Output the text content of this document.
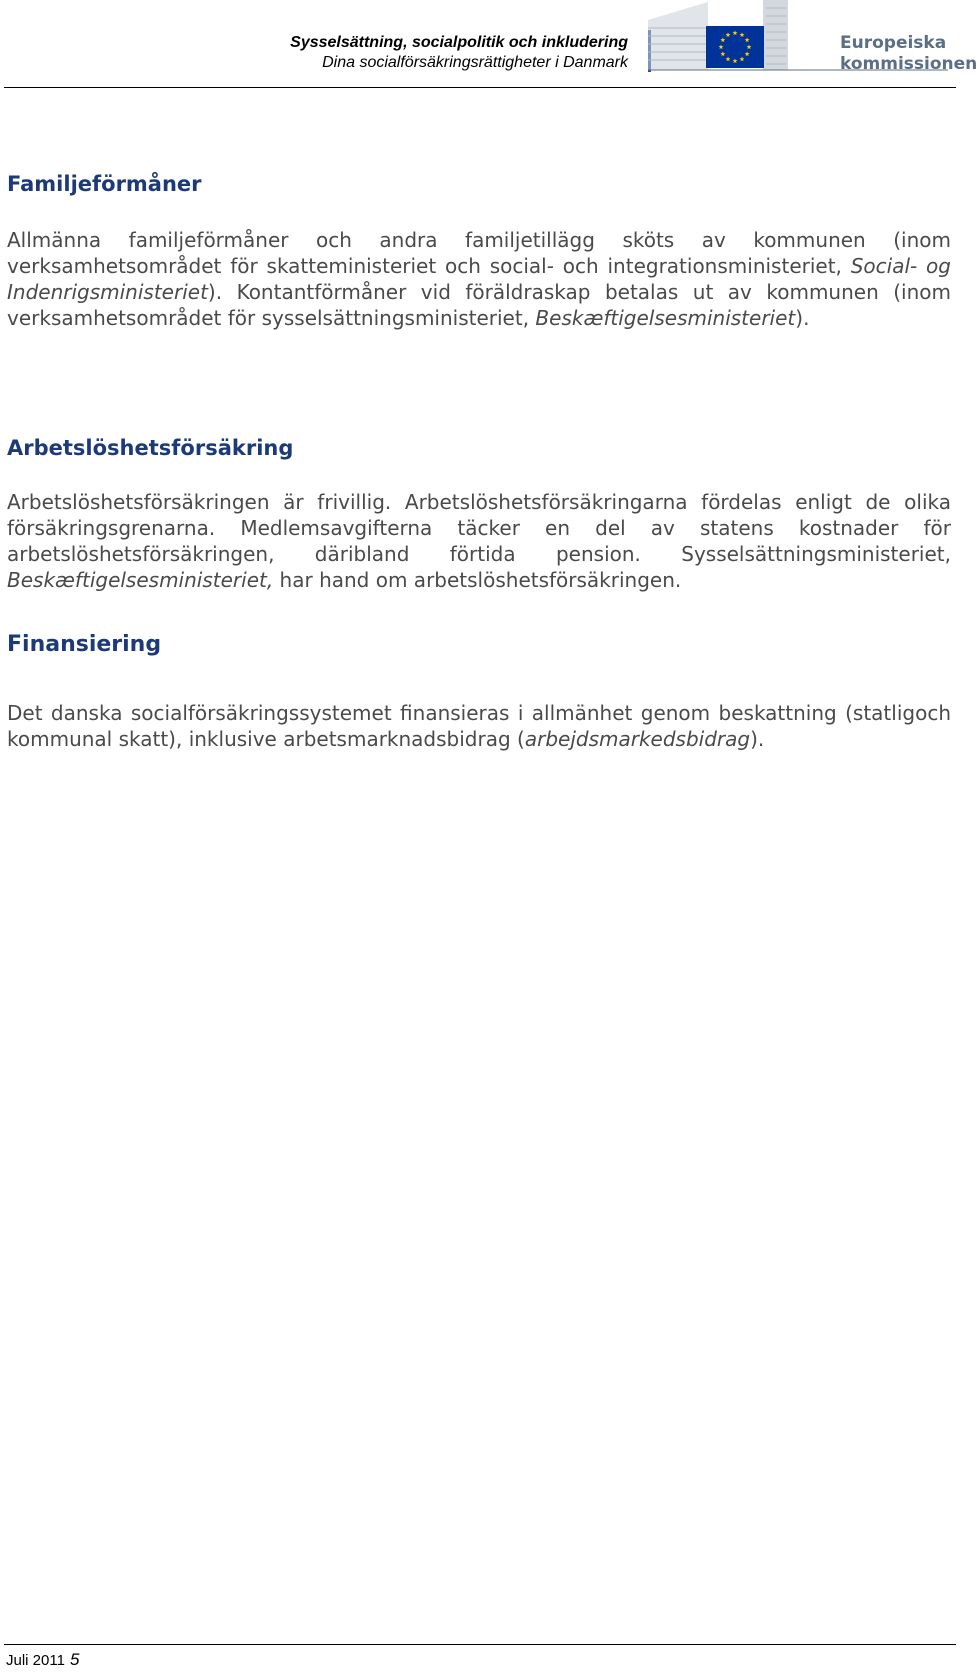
Sysselsättning, socialpolitik och inkludering
Dina socialförsäkringsrättigheter i Danmark
Europeiska
kommissionen
Familjeförmåner
Allmänna familjeförmåner och andra familjetillägg sköts av kommunen (inom verksamhetsområdet för skatteministeriet och social- och integrationsministeriet, Social- og Indenrigsministeriet). Kontantförmåner vid föräldraskap betalas ut av kommunen (inom verksamhetsområdet för sysselsättningsministeriet, Beskæftigelsesministeriet).
Arbetslöshetsförsäkring
Arbetslöshetsförsäkringen är frivillig. Arbetslöshetsförsäkringarna fördelas enligt de olika försäkringsgrenarna. Medlemsavgifterna täcker en del av statens kostnader för arbetslöshetsförsäkringen, däribland förtida pension. Sysselsättningsministeriet, Beskæftigelsesministeriet, har hand om arbetslöshetsförsäkringen.
Finansiering
Det danska socialförsäkringssystemet finansieras i allmänhet genom beskattning (statligoch kommunal skatt), inklusive arbetsmarknadsbidrag (arbejdsmarkedsbidrag).
Juli 2011 5
